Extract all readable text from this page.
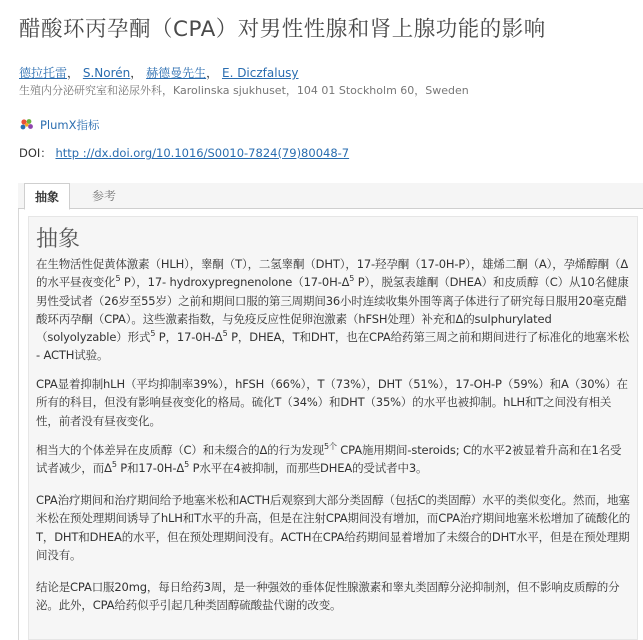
醋酸环丙孕酮（CPA）对男性性腺和肾上腺功能的影响
德拉托雷， S.Norén， 赫德曼先生， E. Diczfalusy
生殖内分泌研究室和泌尿外科，Karolinska sjukhuset，104 01 Stockholm 60，Sweden
PlumX指标
DOI： http ://dx.doi.org/10.1016/S0010-7824(79)80048-7
抽象	参考
抽象

在生物活性促黄体激素（HLH），睾酮（T），二氢睾酮（DHT），17-羟孕酮（17-0H-P），雄烯二酮（A），孕烯醇酮（Δ的水平昼夜变化$^5$ P），17- $hydroxypregnenolone(17-0H-\Delta^5$ P），脱氢表雄酮（DHEA）和皮质醇（C）从10名健康男性受试者（26岁至55岁）之前和期间口服的第三周期间36小时连续收集外围等离子体进行了研究每日服用20毫克醋酸环丙孕酮（CPA）。这些激素指数，与免疫反应性促卵泡激素（hFSH处理）补充和Δ的sulphurylated（solyolyzable）形式$^5$ P，$17-0H-\Delta^5$ P，DHEA，T和DHT，也在CPA给药第三周之前和期间进行了标准化的地塞米松 - ACTH试验。

CPA显着抑制hLH（平均抑制率39%），hFSH（66%），T（73%），DHT（51%），17-OH-P（59%）和A（30%）在所有的科目，但没有影响昼夜变化的格局。硫化T（34%）和DHT（35%）的水平也被抑制。hLH和T之间没有相关性，前者没有昼夜变化。

相当大的个体差异在皮质醇（C）和未缀合的Δ的行为发现$^{5个}$ CPA施用期间-steroids; C的水平2被显着升高和在1名受试者减少，而$\Delta^5$ P和$17-0H-\Delta^5$ P水平在4被抑制，而那些DHEA的受试者中3。

CPA治疗期间和治疗期间给予地塞米松和ACTH后观察到大部分类固醇（包括C的类固醇）水平的类似变化。然而，地塞米松在预处理期间诱导了hLH和T水平的升高，但是在注射CPA期间没有增加，而CPA治疗期间地塞米松增加了硫酸化的T，DHT和DHEA的水平，但在预处理期间没有。ACTH在CPA给药期间显着增加了未缀合的DHT水平，但是在预处理期间没有。

结论是CPA口服20mg，每日给药3周，是一种强效的垂体促性腺激素和睾丸类固醇分泌抑制剂，但不影响皮质醇的分泌。此外，CPA给药似乎引起几种类固醇硫酸盐代谢的改变。
